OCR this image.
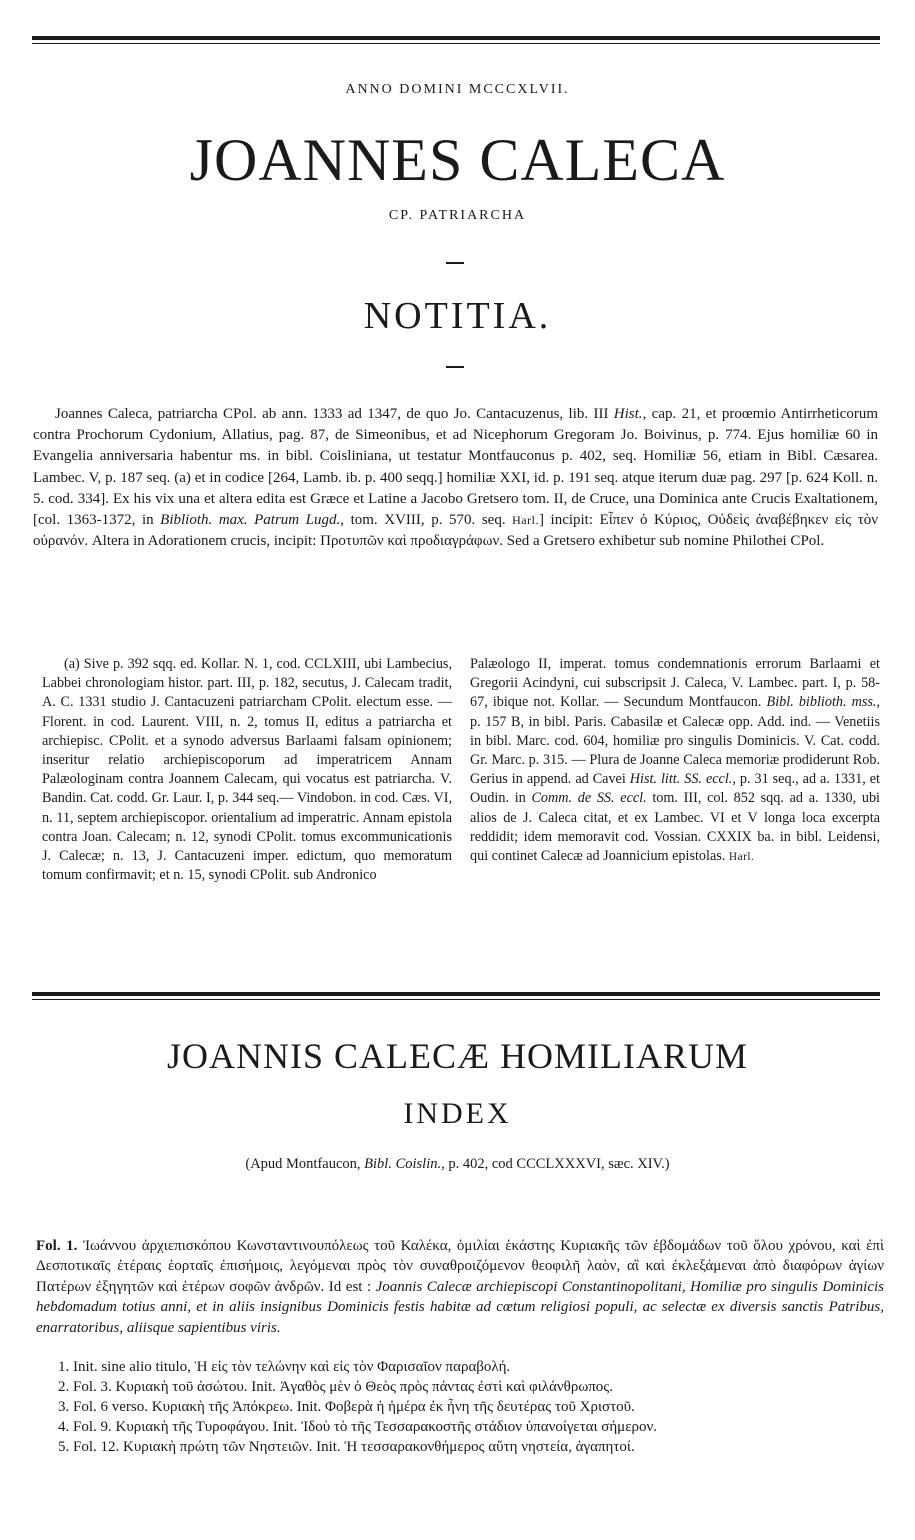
ANNO DOMINI MCCCXLVII.
JOANNES CALECA
CP. PATRIARCHA
NOTITIA.
Joannes Caleca, patriarcha CPol. ab ann. 1333 ad 1347, de quo Jo. Cantacuzenus, lib. III Hist., cap. 21, et proœmio Antirrheticorum contra Prochorum Cydonium, Allatius, pag. 87, de Simeonibus, et ad Nicephorum Gregoram Jo. Boivinus, p. 774. Ejus homiliæ 60 in Evangelia anniversaria habentur ms. in bibl. Coisliniana, ut testatur Montfauconus p. 402, seq. Homiliæ 56, etiam in Bibl. Cæsarea. Lambec. V, p. 187 seq. (a) et in codice [264, Lamb. ib. p. 400 seqq.] homiliæ XXI, id. p. 191 seq. atque iterum duæ pag. 297 [p. 624 Koll. n. 5. cod. 334]. Ex his vix una et altera edita est Græce et Latine a Jacobo Gretsero tom. II, de Cruce, una Dominica ante Crucis Exaltationem, [col. 1363-1372, in Biblioth. max. Patrum Lugd., tom. XVIII, p. 570. seq. Harl.] incipit: Εἶπεν ὁ Κύριος, Οὐδεὶς ἀναβέβηκεν εἰς τὸν οὐρανόν. Altera in Adorationem crucis, incipit: Προτυπῶν καὶ προδιαγράφων. Sed a Gretsero exhibetur sub nomine Philothei CPol.
(a) Sive p. 392 sqq. ed. Kollar. N. 1, cod. CCLXIII, ubi Lambecius, Labbei chronologiam histor. part. III, p. 182, secutus, J. Calecam tradit, A. C. 1331 studio J. Cantacuzeni patriarcham CPolit. electum esse. — Florent. in cod. Laurent. VIII, n. 2, tomus II, editus a patriarcha et archiepisc. CPolit. et a synodo adversus Barlaami falsam opinionem; inseritur relatio archiepiscoporum ad imperatricem Annam Palæologinam contra Joannem Calecam, qui vocatus est patriarcha. V. Bandin. Cat. codd. Gr. Laur. I, p. 344 seq.— Vindobon. in cod. Cæs. VI, n. 11, septem archiepiscopor. orientalium ad imperatric. Annam epistola contra Joan. Calecam; n. 12, synodi CPolit. tomus excommunicationis J. Calecæ; n. 13, J. Cantacuzeni imper. edictum, quo memoratum tomum confirmavit; et n. 15, synodi CPolit. sub Andronico
Palæologo II, imperat. tomus condemnationis errorum Barlaami et Gregorii Acindyni, cui subscripsit J. Caleca, V. Lambec. part. I, p. 58-67, ibique not. Kollar. — Secundum Montfaucon. Bibl. biblioth. mss., p. 157 B, in bibl. Paris. Cabasilæ et Calecæ opp. Add. ind. — Venetiis in bibl. Marc. cod. 604, homiliæ pro singulis Dominicis. V. Cat. codd. Gr. Marc. p. 315. — Plura de Joanne Caleca memoriæ prodiderunt Rob. Gerius in append. ad Cavei Hist. litt. SS. eccl., p. 31 seq., ad a. 1331, et Oudin. in Comm. de SS. eccl. tom. III, col. 852 sqq. ad a. 1330, ubi alios de J. Caleca citat, et ex Lambec. VI et V longa loca excerpta reddidit; idem memoravit cod. Vossian. CXXIX ba. in bibl. Leidensi, qui continet Calecæ ad Joannicium epistolas. Harl.
JOANNIS CALECÆ HOMILIARUM
INDEX
(Apud Montfaucon, Bibl. Coislin., p. 402, cod CCCLXXXVI, sæc. XIV.)
Fol. 1. Ἰωάννου ἀρχιεπισκόπου Κωνσταντινουπόλεως τοῦ Καλέκα, ὁμιλίαι ἑκάστης Κυριακῆς τῶν ἑβδομάδων τοῦ ὅλου χρόνου, καὶ ἐπὶ Δεσποτικαῖς ἑτέραις ἑορταῖς ἐπισήμοις, λεγόμεναι πρὸς τὸν συναθροιζόμενον θεοφιλῆ λαὸν, αἳ καὶ ἐκλεξάμεναι ἀπὸ διαφόρων ἁγίων Πατέρων ἐξηγητῶν καὶ ἑτέρων σοφῶν ἀνδρῶν. Id est : Joannis Calecæ archiepiscopi Constantinopolitani, Homiliæ pro singulis Dominicis hebdomadum totius anni, et in aliis insignibus Dominicis festis habitæ ad cœtum religiosi populi, ac selectæ ex diversis sanctis Patribus, enarratoribus, aliisque sapientibus viris.
1. Init. sine alio titulo, Ἡ εἰς τὸν τελώνην καὶ εἰς τὸν Φαρισαῖον παραβολή.
2. Fol. 3. Κυριακὴ τοῦ ἀσώτου. Init. Ἀγαθὸς μὲν ὁ Θεὸς πρὸς πάντας ἐστὶ καὶ φιλάνθρωπος.
3. Fol. 6 verso. Κυριακὴ τῆς Ἀπόκρεω. Init. Φοβερὰ ἡ ἡμέρα ἐκ ἦνη τῆς δευτέρας τοῦ Χριστοῦ.
4. Fol. 9. Κυριακὴ τῆς Τυροφάγου. Init. Ἰδοὺ τὸ τῆς Τεσσαρακοστῆς στάδιον ὑπανοίγεται σήμερον.
5. Fol. 12. Κυριακὴ πρώτη τῶν Νηστειῶν. Init. Ἡ τεσσαρακονθήμερος αὕτη νηστεία, ἀγαπητοί.
